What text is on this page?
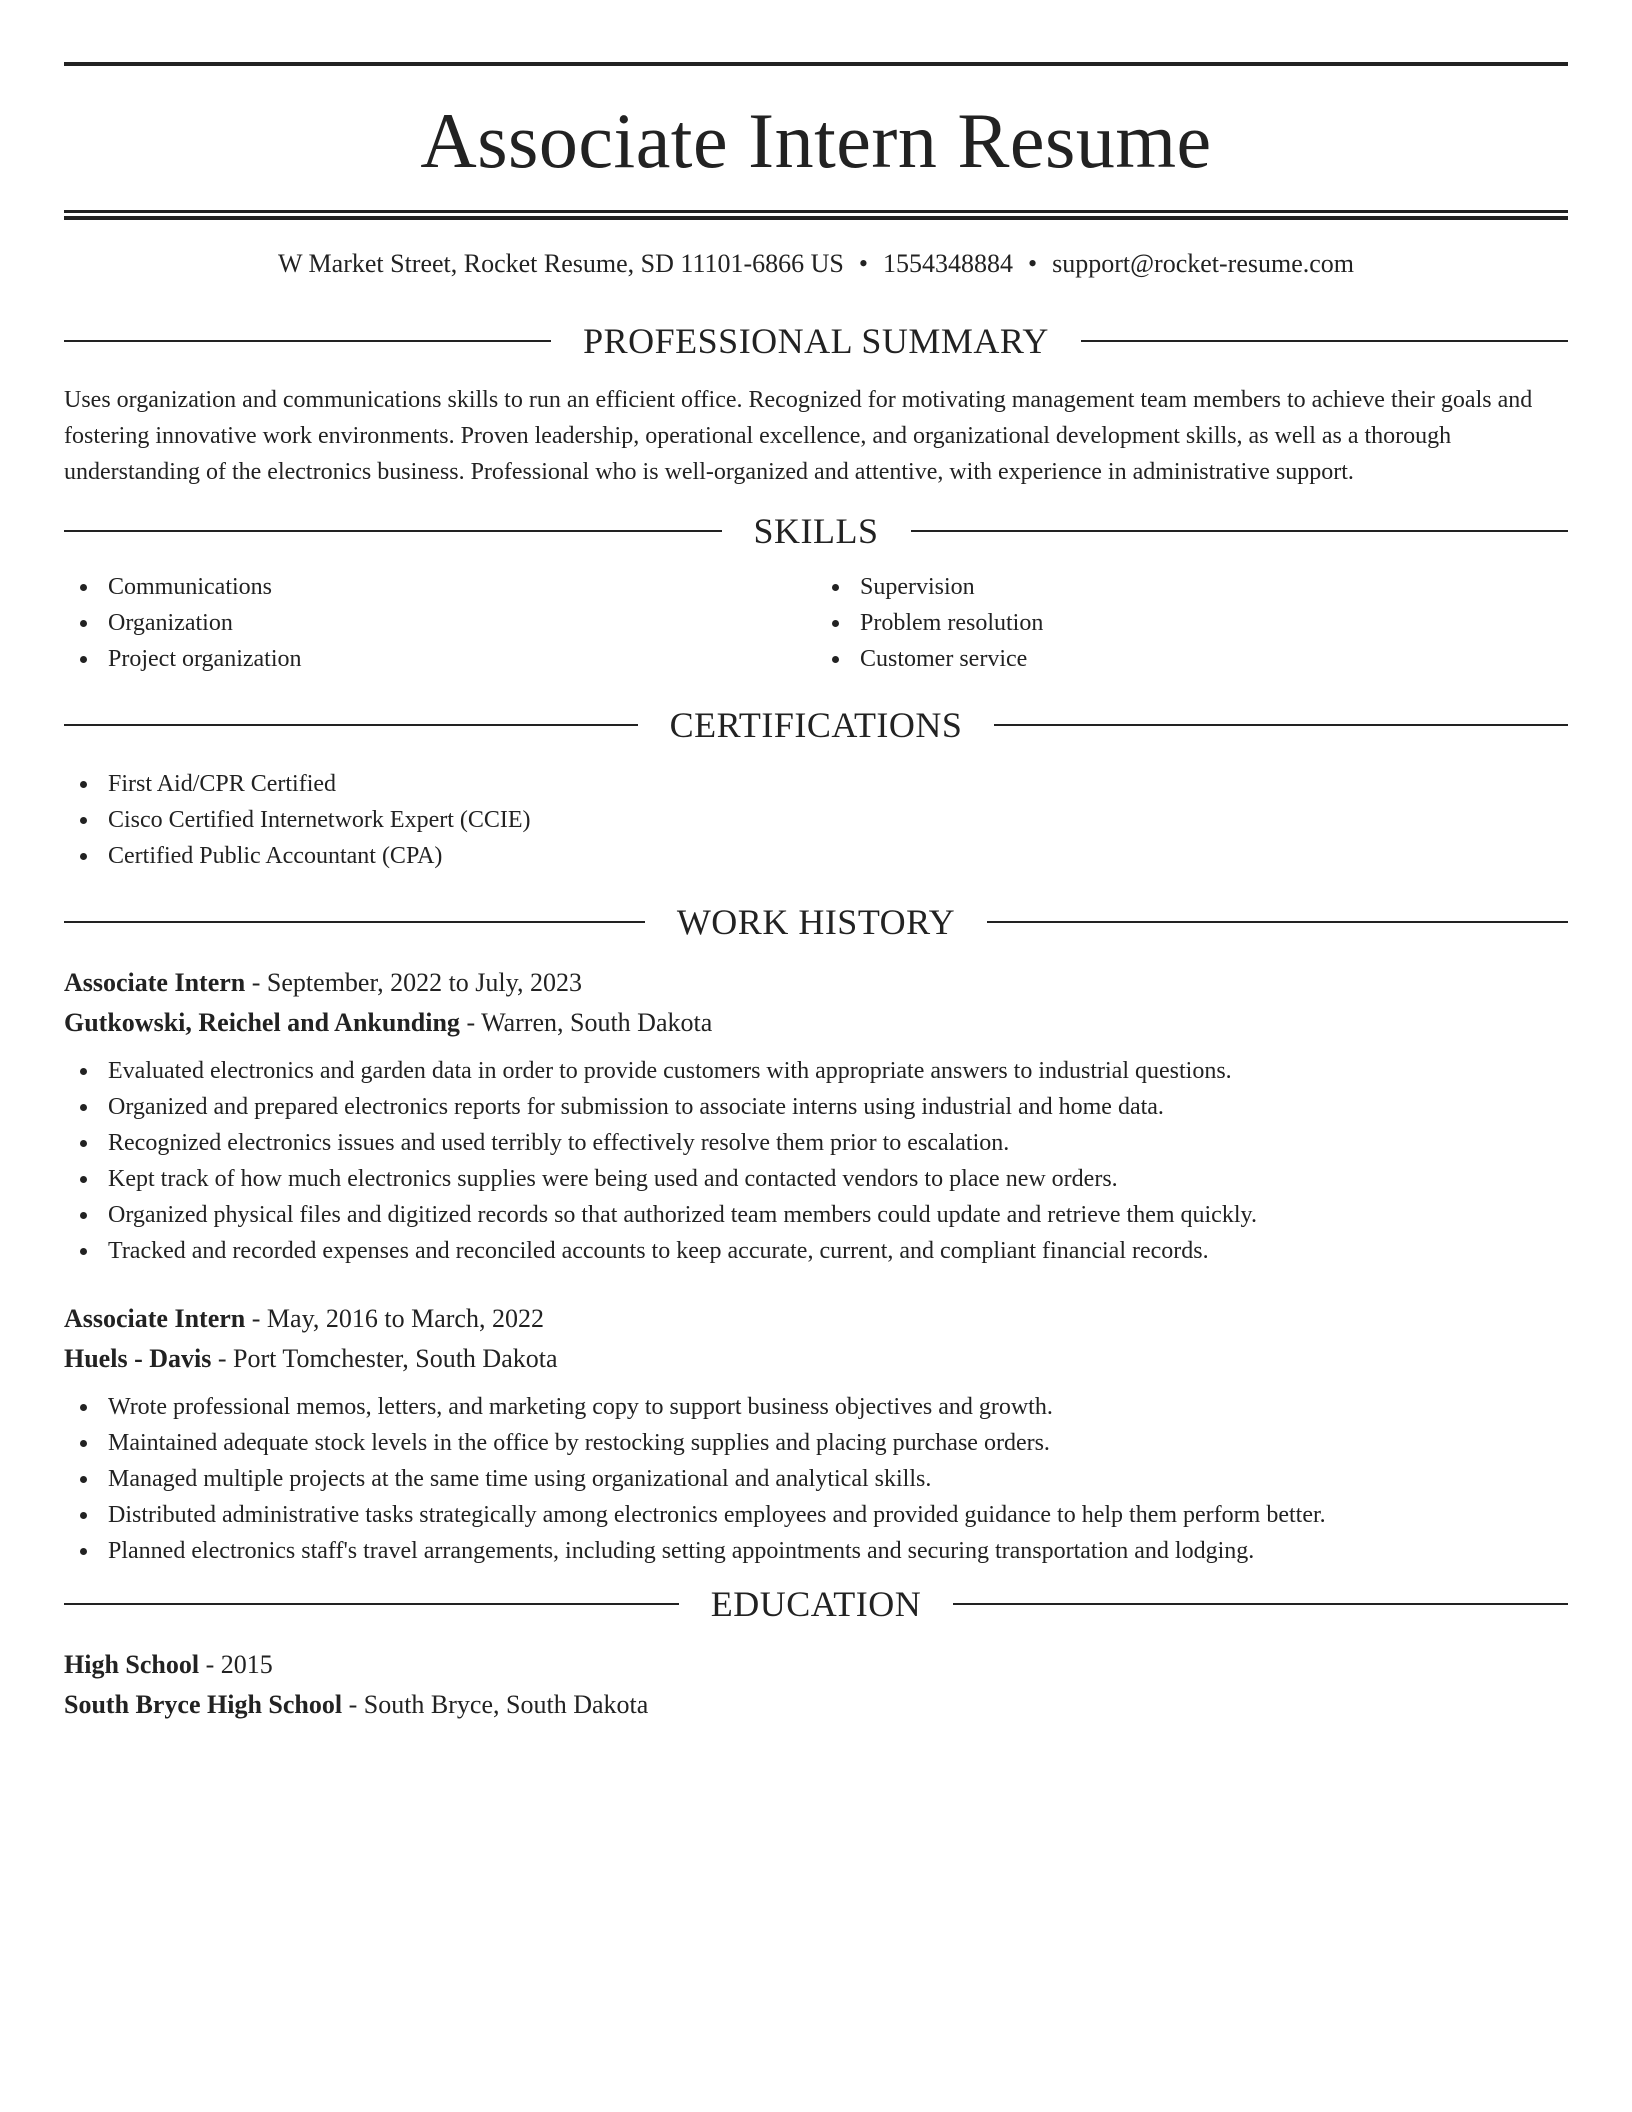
Associate Intern Resume
W Market Street, Rocket Resume, SD 11101-6866 US • 1554348884 • support@rocket-resume.com
PROFESSIONAL SUMMARY

Uses organization and communications skills to run an efficient office. Recognized for motivating management team members to achieve their goals and fostering innovative work environments. Proven leadership, operational excellence, and organizational development skills, as well as a thorough understanding of the electronics business. Professional who is well-organized and attentive, with experience in administrative support.

SKILLS
Communications
Organization
Project organization
Supervision
Problem resolution
Customer service
CERTIFICATIONS
First Aid/CPR Certified
Cisco Certified Internetwork Expert (CCIE)
Certified Public Accountant (CPA)
WORK HISTORY
Associate Intern - September, 2022 to July, 2023
Gutkowski, Reichel and Ankunding - Warren, South Dakota
Evaluated electronics and garden data in order to provide customers with appropriate answers to industrial questions.
Organized and prepared electronics reports for submission to associate interns using industrial and home data.
Recognized electronics issues and used terribly to effectively resolve them prior to escalation.
Kept track of how much electronics supplies were being used and contacted vendors to place new orders.
Organized physical files and digitized records so that authorized team members could update and retrieve them quickly.
Tracked and recorded expenses and reconciled accounts to keep accurate, current, and compliant financial records.
Associate Intern - May, 2016 to March, 2022
Huels - Davis - Port Tomchester, South Dakota
Wrote professional memos, letters, and marketing copy to support business objectives and growth.
Maintained adequate stock levels in the office by restocking supplies and placing purchase orders.
Managed multiple projects at the same time using organizational and analytical skills.
Distributed administrative tasks strategically among electronics employees and provided guidance to help them perform better.
Planned electronics staff's travel arrangements, including setting appointments and securing transportation and lodging.
EDUCATION
High School - 2015
South Bryce High School - South Bryce, South Dakota
